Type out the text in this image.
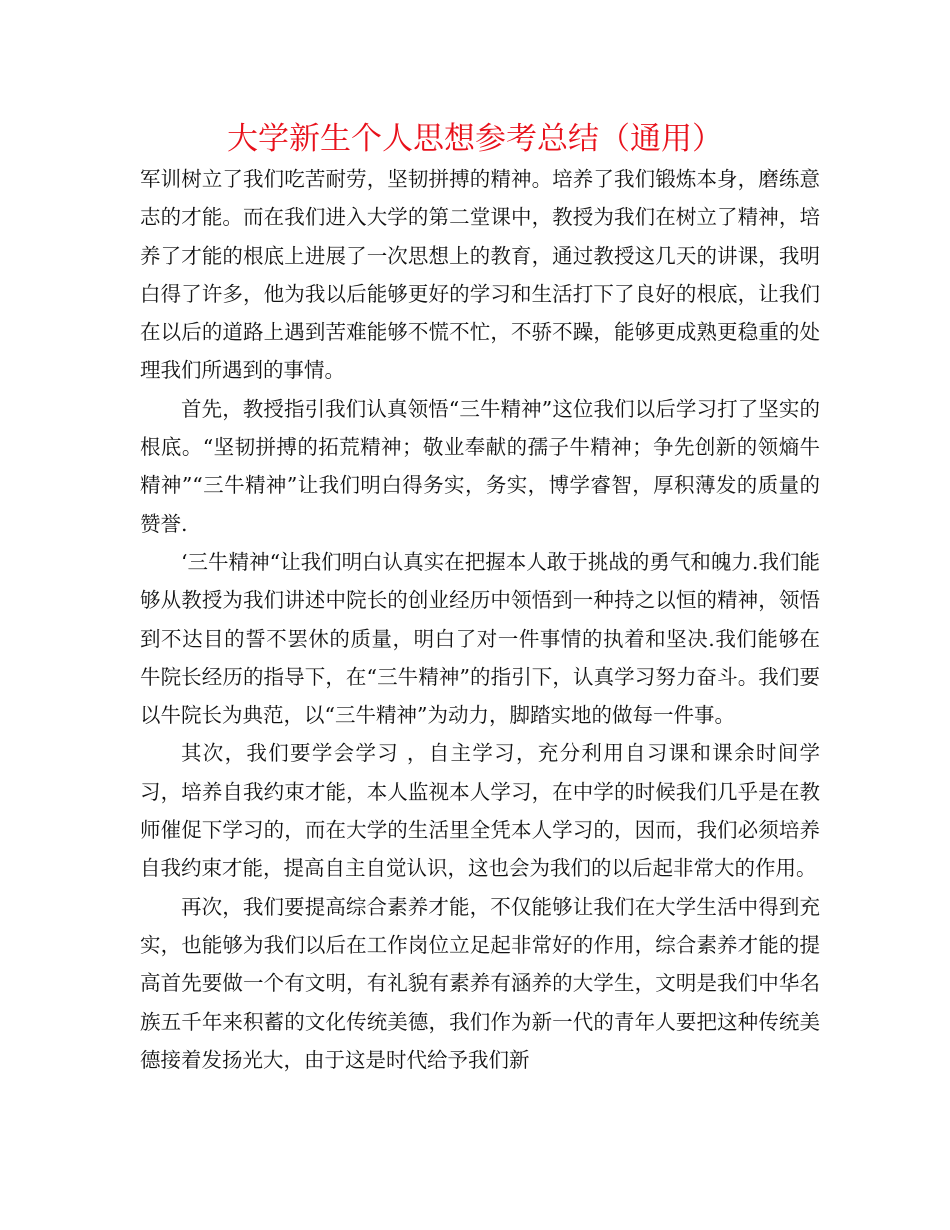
大学新生个人思想参考总结（通用）

军训树立了我们吃苦耐劳，坚韧拼搏的精神。培养了我们锻炼本身，磨练意志的才能。而在我们进入大学的第二堂课中，教授为我们在树立了精神，培养了才能的根底上进展了一次思想上的教育，通过教授这几天的讲课，我明白得了许多，他为我以后能够更好的学习和生活打下了良好的根底，让我们在以后的道路上遇到苦难能够不慌不忙，不骄不躁，能够更成熟更稳重的处理我们所遇到的事情。

首先，教授指引我们认真领悟“三牛精神”这位我们以后学习打了坚实的根底。“坚韧拼搏的拓荒精神；敬业奉献的孺子牛精神；争先创新的领熵牛精神”“三牛精神”让我们明白得务实，务实，博学睿智，厚积薄发的质量的赞誉.

‘三牛精神“让我们明白认真实在把握本人敢于挑战的勇气和魄力.我们能够从教授为我们讲述中院长的创业经历中领悟到一种持之以恒的精神，领悟到不达目的誓不罢休的质量，明白了对一件事情的执着和坚决.我们能够在牛院长经历的指导下，在“三牛精神”的指引下，认真学习努力奋斗。我们要以牛院长为典范，以“三牛精神”为动力，脚踏实地的做每一件事。

其次，我们要学会学习 ，自主学习，充分利用自习课和课余时间学习，培养自我约束才能，本人监视本人学习，在中学的时候我们几乎是在教师催促下学习的，而在大学的生活里全凭本人学习的，因而，我们必须培养自我约束才能，提高自主自觉认识，这也会为我们的以后起非常大的作用。

再次，我们要提高综合素养才能，不仅能够让我们在大学生活中得到充实，也能够为我们以后在工作岗位立足起非常好的作用，综合素养才能的提高首先要做一个有文明，有礼貌有素养有涵养的大学生，文明是我们中华名族五千年来积蓄的文化传统美德，我们作为新一代的青年人要把这种传统美德接着发扬光大，由于这是时代给予我们新
